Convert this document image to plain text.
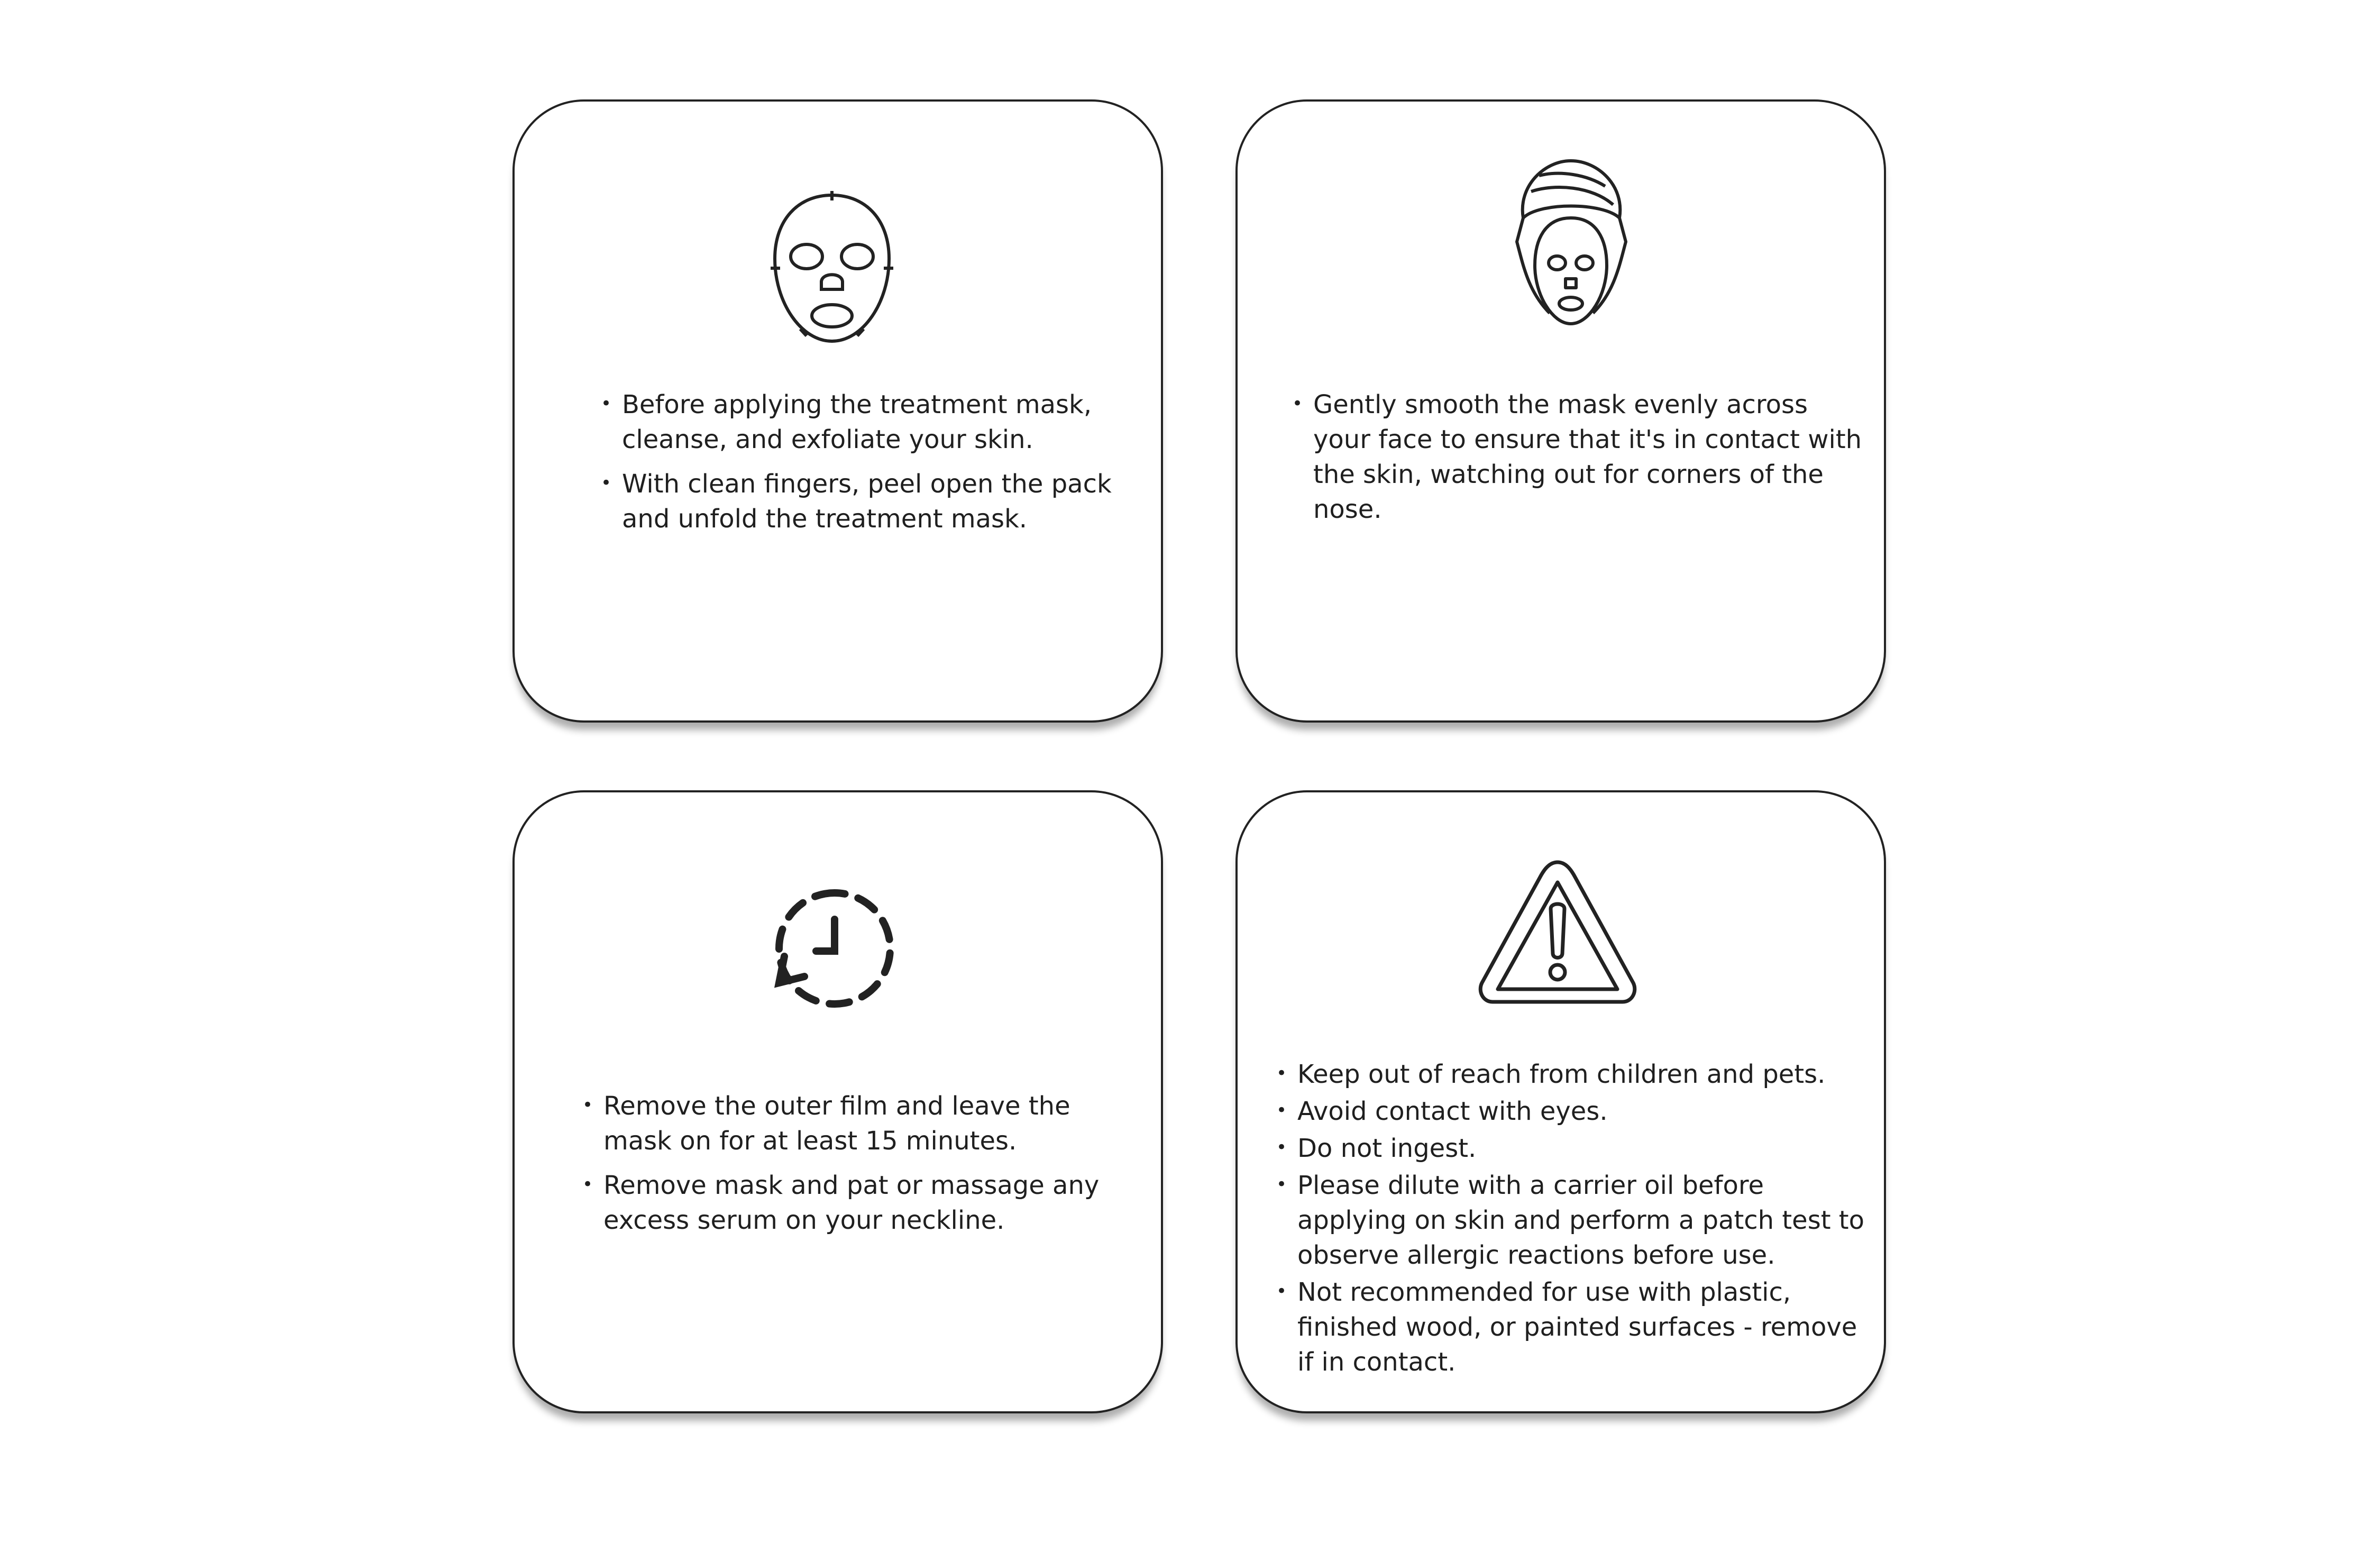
• Before applying the treatment mask, cleanse, and exfoliate your skin.
• With clean fingers, peel open the pack and unfold the treatment mask.
• Gently smooth the mask evenly across your face to ensure that it's in contact with the skin, watching out for corners of the nose.
• Remove the outer film and leave the mask on for at least 15 minutes.
• Remove mask and pat or massage any excess serum on your neckline.
• Keep out of reach from children and pets.
• Avoid contact with eyes.
• Do not ingest.
• Please dilute with a carrier oil before applying on skin and perform a patch test to observe allergic reactions before use.
• Not recommended for use with plastic, finished wood, or painted surfaces - remove if in contact.
